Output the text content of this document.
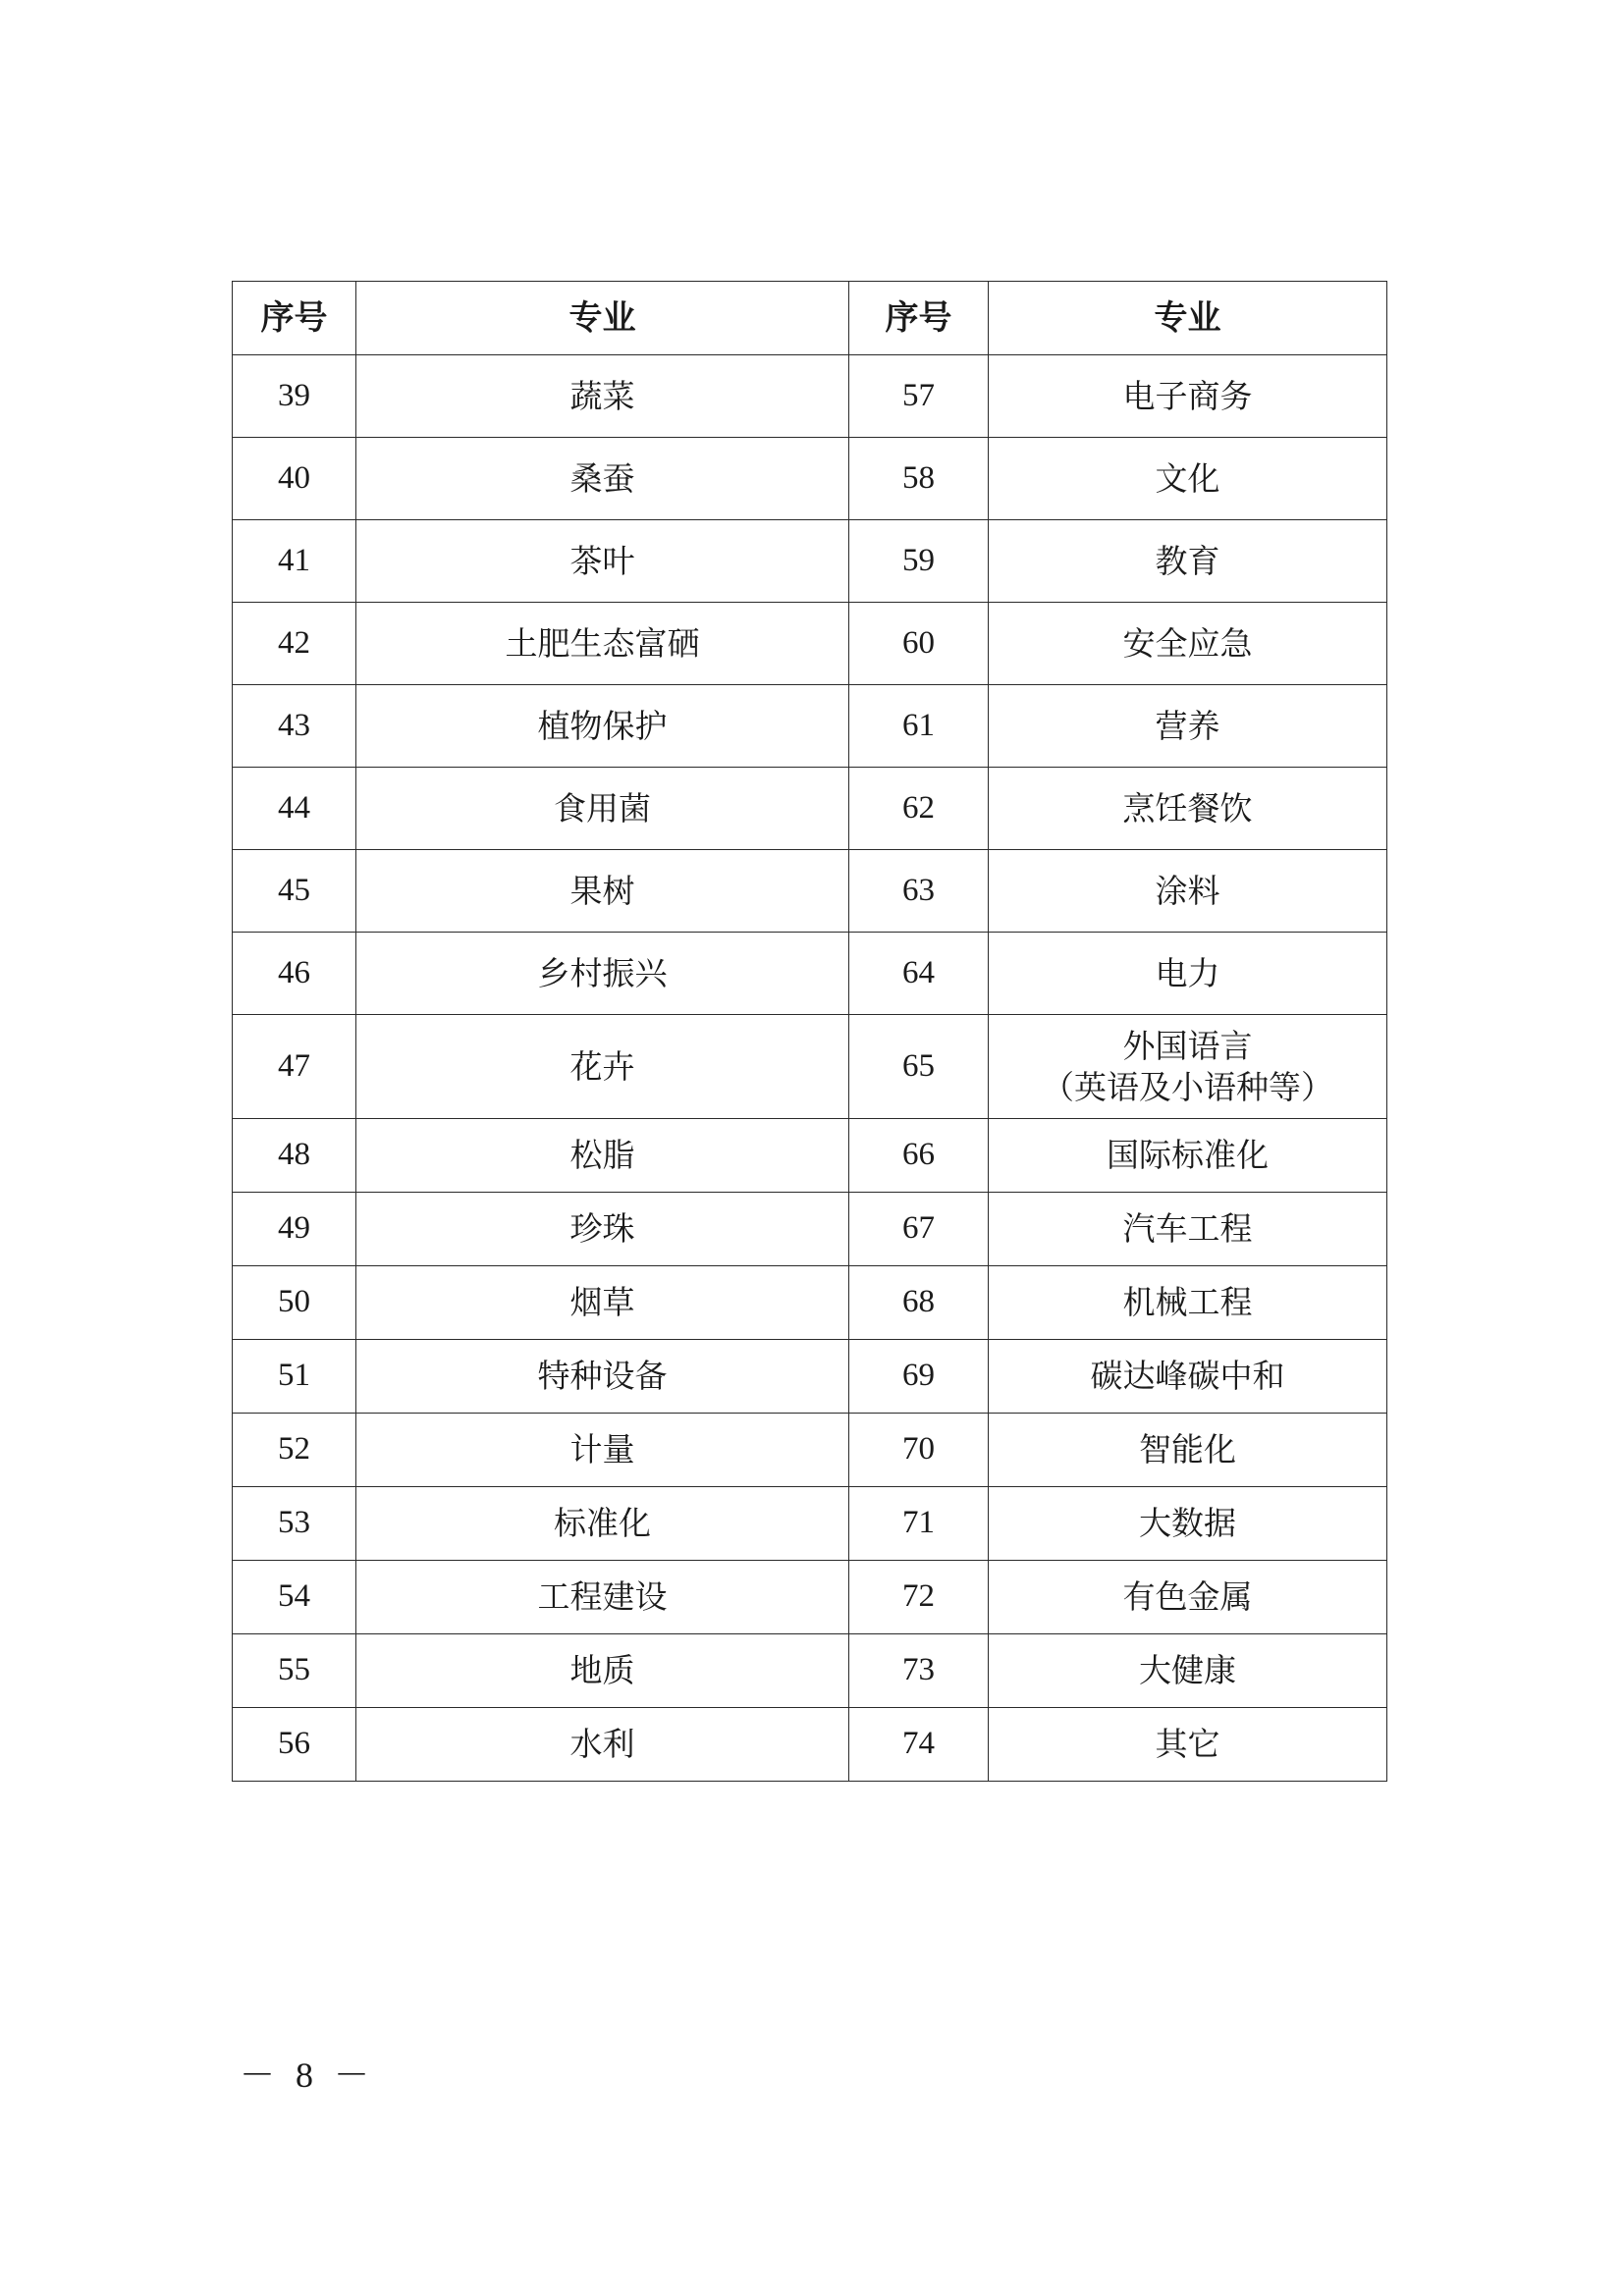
序号	专业	序号	专业
39	蔬菜	57	电子商务
40	桑蚕	58	文化
41	茶叶	59	教育
42	土肥生态富硒	60	安全应急
43	植物保护	61	营养
44	食用菌	62	烹饪餐饮
45	果树	63	涂料
46	乡村振兴	64	电力
47	花卉	65	外国语言
（英语及小语种等）

48	松脂	66	国际标准化
49	珍珠	67	汽车工程
50	烟草	68	机械工程
51	特种设备	69	碳达峰碳中和
52	计量	70	智能化
53	标准化	71	大数据
54	工程建设	72	有色金属
55	地质	73	大健康
56	水利	74	其它
－ 8 －
